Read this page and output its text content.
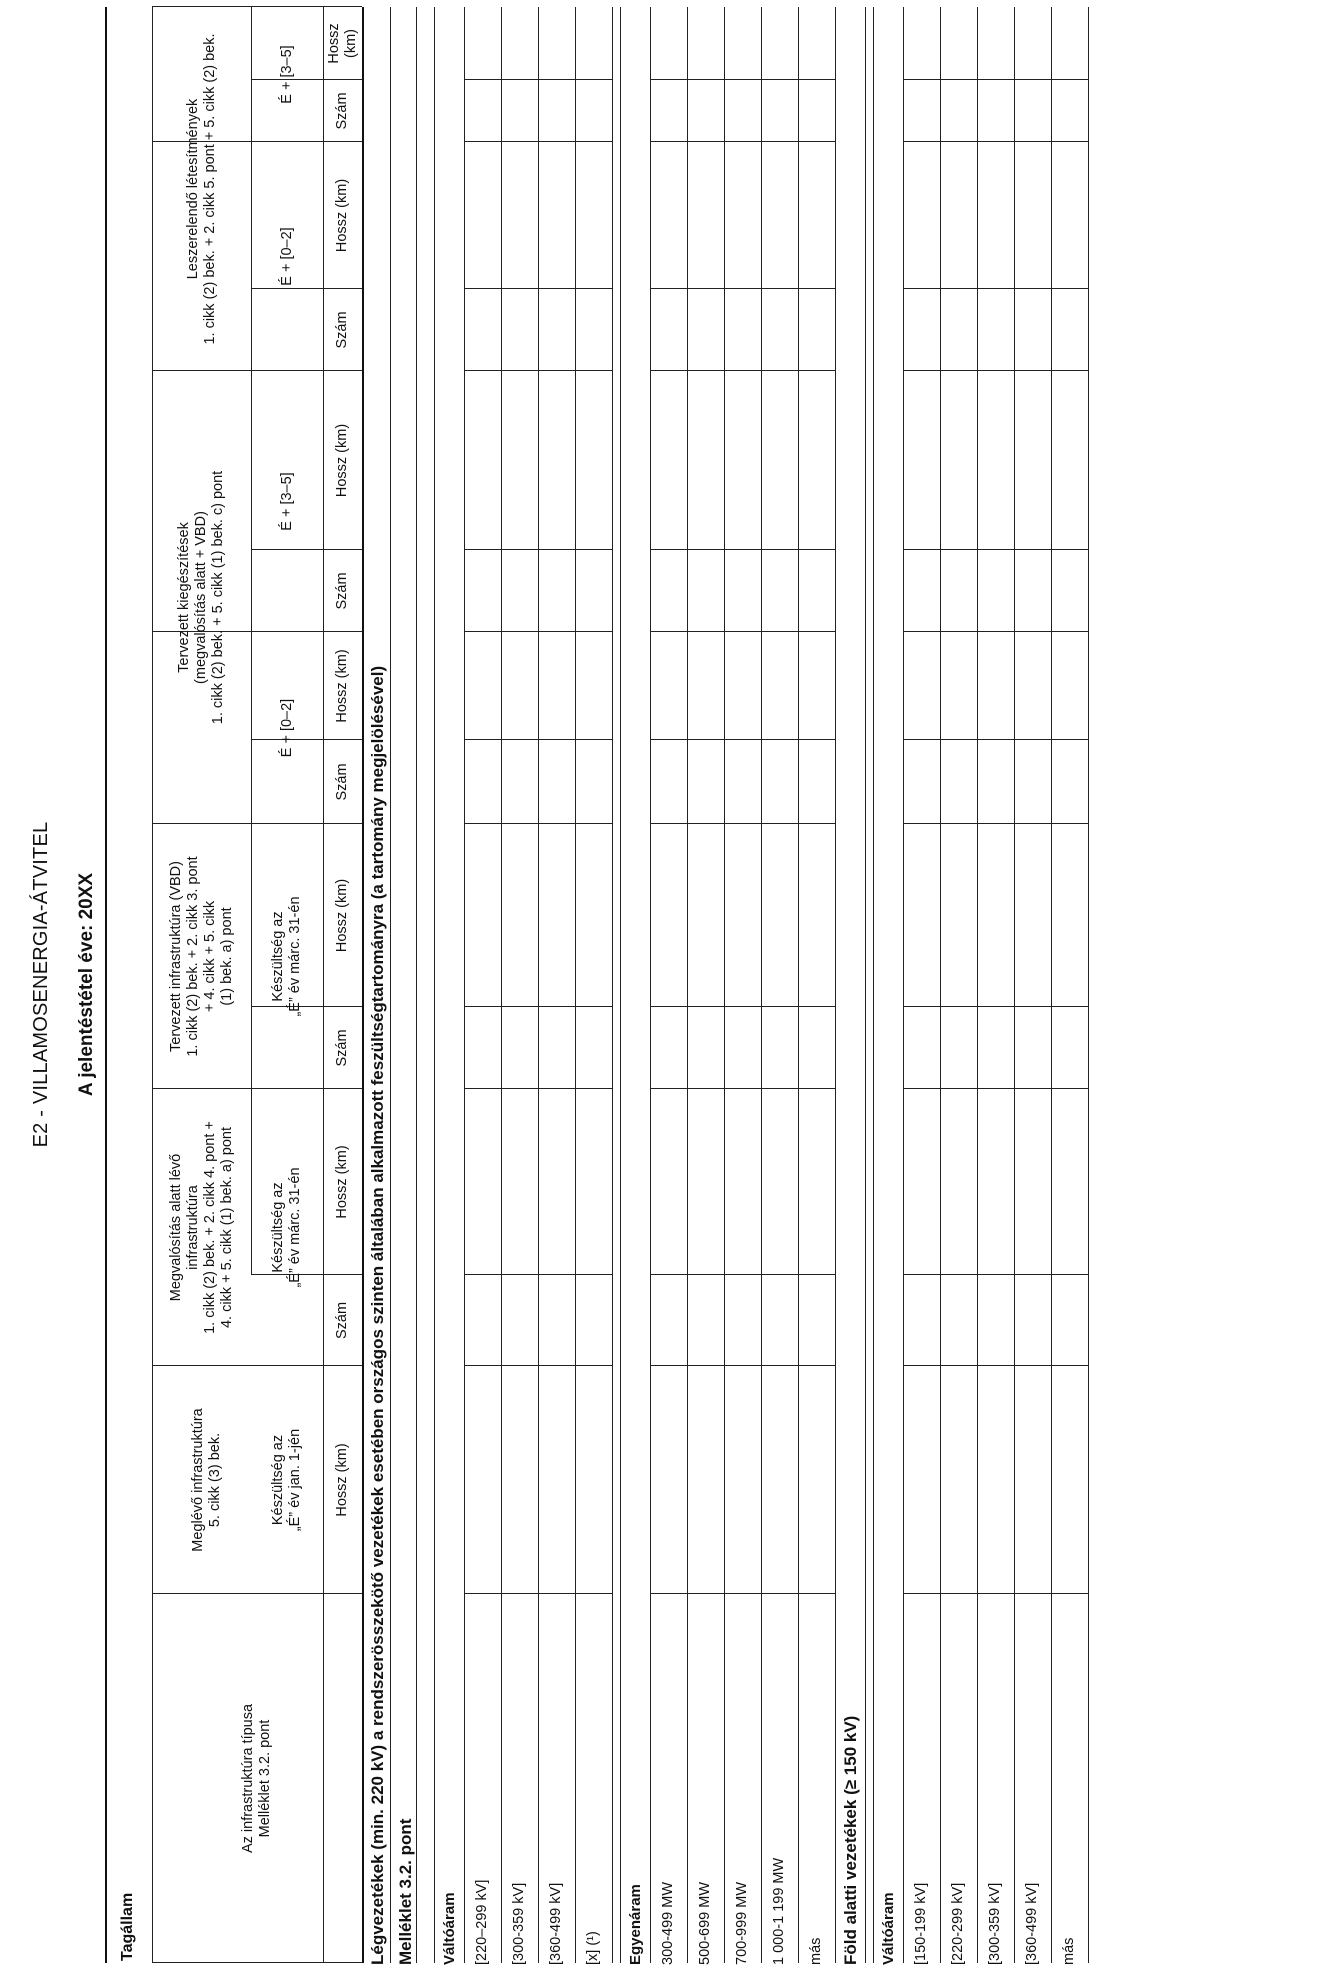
E2 - VILLAMOSENERGIA-ÁTVITEL A jelentéstétel éve: 20XX
Tagállam
Az infrastruktúra típusa
Melléklet 3.2. pont
Meglévő infrastruktúra
5. cikk (3) bek.
Megvalósítás alatt lévő
infrastruktúra
1. cikk (2) bek. + 2. cikk 4. pont +
4. cikk + 5. cikk (1) bek. a) pont
Tervezett infrastruktúra (VBD)
1. cikk (2) bek. + 2. cikk 3. pont
+ 4. cikk + 5. cikk
(1) bek. a) pont
Tervezett kiegészítések
(megvalósítás alatt + VBD)
1. cikk (2) bek. + 5. cikk (1) bek. c) pont
Leszerelendő létesítmények
1. cikk (2) bek. + 2. cikk 5. pont + 5. cikk (2) bek.
Készültség az
„É” év jan. 1-jén
Készültség az
„É” év márc. 31-én
Készültség az
„É” év márc. 31-én
É + [0–2]
É + [3–5]
É + [0–2]
É + [3–5]
Hossz (km)
Szám
Hossz (km)
Szám
Hossz (km)
Szám
Hossz (km)
Szám
Hossz (km)
Szám
Hossz (km)
Szám
Hossz (km)
Légvezetékek (min. 220 kV) a rendszerösszekötő vezetékek esetében országos szinten általában alkalmazott feszültségtartományra (a tartomány megjelölésével) Melléklet 3.2. pont Váltóáram [220–299 kV] [300-359 kV] [360-499 kV] [x] (¹) Egyenáram 300-499 MW 500-699 MW 700-999 MW 1 000-1 199 MW más Föld alatti vezetékek (≥ 150 kV) Váltóáram [150-199 kV] [220-299 kV] [300-359 kV] [360-499 kV] más
